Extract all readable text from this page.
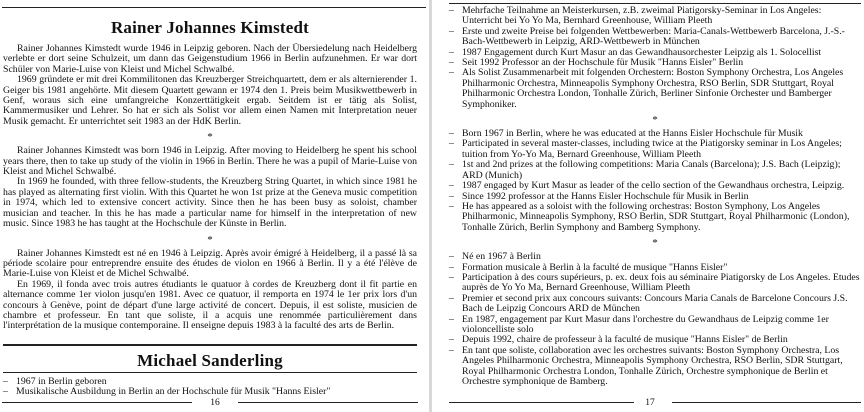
Rainer Johannes Kimstedt

Rainer Johannes Kimstedt wurde 1946 in Leipzig geboren. Nach der Übersiedelung nach Heidelberg verlebte er dort seine Schulzeit, um dann das Geigenstudium 1966 in Berlin aufzunehmen. Er war dort Schüler von Marie-Luise von Kleist und Michel Schwalbé.

1969 gründete er mit drei Kommilitonen das Kreuzberger Streichquartett, dem er als alternierender 1. Geiger bis 1981 angehörte. Mit diesem Quartett gewann er 1974 den 1. Preis beim Musikwettbewerb in Genf, woraus sich eine umfangreiche Konzerttätigkeit ergab. Seitdem ist er tätig als Solist, Kammermusiker und Lehrer. So hat er sich als Solist vor allem einen Namen mit Interpretation neuer Musik gemacht. Er unterrichtet seit 1983 an der HdK Berlin.

*

Rainer Johannes Kimstedt was born 1946 in Leipzig. After moving to Heidelberg he spent his school years there, then to take up study of the violin in 1966 in Berlin. There he was a pupil of Marie-Luise von Kleist and Michel Schwalbé.

In 1969 he founded, with three fellow-students, the Kreuzberg String Quartet, in which since 1981 he has played as alternating first violin. With this Quartet he won 1st prize at the Geneva music competition in 1974, which led to extensive concert activity. Since then he has been busy as soloist, chamber musician and teacher. In this he has made a particular name for himself in the interpretation of new music. Since 1983 he has taught at the Hochschule der Künste in Berlin.

*

Rainer Johannes Kimstedt est né en 1946 à Leipzig. Après avoir émigré à Heidelberg, il a passé là sa période scolaire pour entreprendre ensuite des études de violon en 1966 à Berlin. Il y a été l'élève de Marie-Luise von Kleist et de Michel Schwalbé.

En 1969, il fonda avec trois autres étudiants le quatuor à cordes de Kreuzberg dont il fit partie en alternance comme 1er violon jusqu'en 1981. Avec ce quatuor, il remporta en 1974 le 1er prix lors d'un concours à Genève, point de départ d'une large activité de concert. Depuis, il est soliste, musicien de chambre et professeur. En tant que soliste, il a acquis une renommée particulièrement dans l'interprétation de la musique contemporaine. Il enseigne depuis 1983 à la faculté des arts de Berlin.

Michael Sanderling
– 1967 in Berlin geboren
– Musikalische Ausbildung in Berlin an der Hochschule für Musik "Hanns Eisler"
16
– Mehrfache Teilnahme an Meisterkursen, z.B. zweimal Piatigorsky-Seminar in Los Angeles: Unterricht bei Yo Yo Ma, Bernhard Greenhouse, William Pleeth
– Erste und zweite Preise bei folgenden Wettbewerben: Maria-Canals-Wettbewerb Barcelona, J.-S.-Bach-Wettbewerb in Leipzig, ARD-Wettbewerb in München
– 1987 Engagement durch Kurt Masur an das Gewandhausorchester Leipzig als 1. Solocellist
– Seit 1992 Professor an der Hochschule für Musik "Hanns Eisler" Berlin
– Als Solist Zusammenarbeit mit folgenden Orchestern: Boston Symphony Orchestra, Los Angeles Philharmonic Orchestra, Minneapolis Symphony Orchestra, RSO Berlin, SDR Stuttgart, Royal Philharmonic Orchestra London, Tonhalle Zürich, Berliner Sinfonie Orchester und Bamberger Symphoniker.
*
– Born 1967 in Berlin, where he was educated at the Hanns Eisler Hochschule für Musik
– Participated in several master-classes, including twice at the Piatigorsky seminar in Los Angeles; tuition from Yo-Yo Ma, Bernard Greenhouse, William Pleeth
– 1st and 2nd prizes at the following competitions: Maria Canals (Barcelona); J.S. Bach (Leipzig); ARD (Munich)
– 1987 engaged by Kurt Masur as leader of the cello section of the Gewandhaus orchestra, Leipzig.
– Since 1992 professor at the Hanns Eisler Hochschule für Musik in Berlin
– He has appeared as a soloist with the following orchestras: Boston Symphony, Los Angeles Philharmonic, Minneapolis Symphony, RSO Berlin, SDR Stuttgart, Royal Philharmonic (London), Tonhalle Zürich, Berlin Symphony and Bamberg Symphony.
*
– Né en 1967 à Berlin
– Formation musicale à Berlin à la faculté de musique "Hanns Eisler"
– Participation à des cours supérieurs, p. ex. deux fois au séminaire Piatigorsky de Los Angeles. Etudes auprès de Yo Yo Ma, Bernard Greenhouse, William Pleeth
– Premier et second prix aux concours suivants: Concours Maria Canals de Barcelone Concours J.S. Bach de Leipzig Concours ARD de München
– En 1987, engagement par Kurt Masur dans l'orchestre du Gewandhaus de Leipzig comme 1er violoncelliste solo
– Depuis 1992, chaire de professeur à la faculté de musique "Hanns Eisler" de Berlin
– En tant que soliste, collaboration avec les orchestres suivants: Boston Symphony Orchestra, Los Angeles Philharmonic Orchestra, Minneapolis Symphony Orchestra, RSO Berlin, SDR Stuttgart, Royal Philharmonic Orchestra London, Tonhalle Zürich, Orchestre symphonique de Berlin et Orchestre symphonique de Bamberg.
17
